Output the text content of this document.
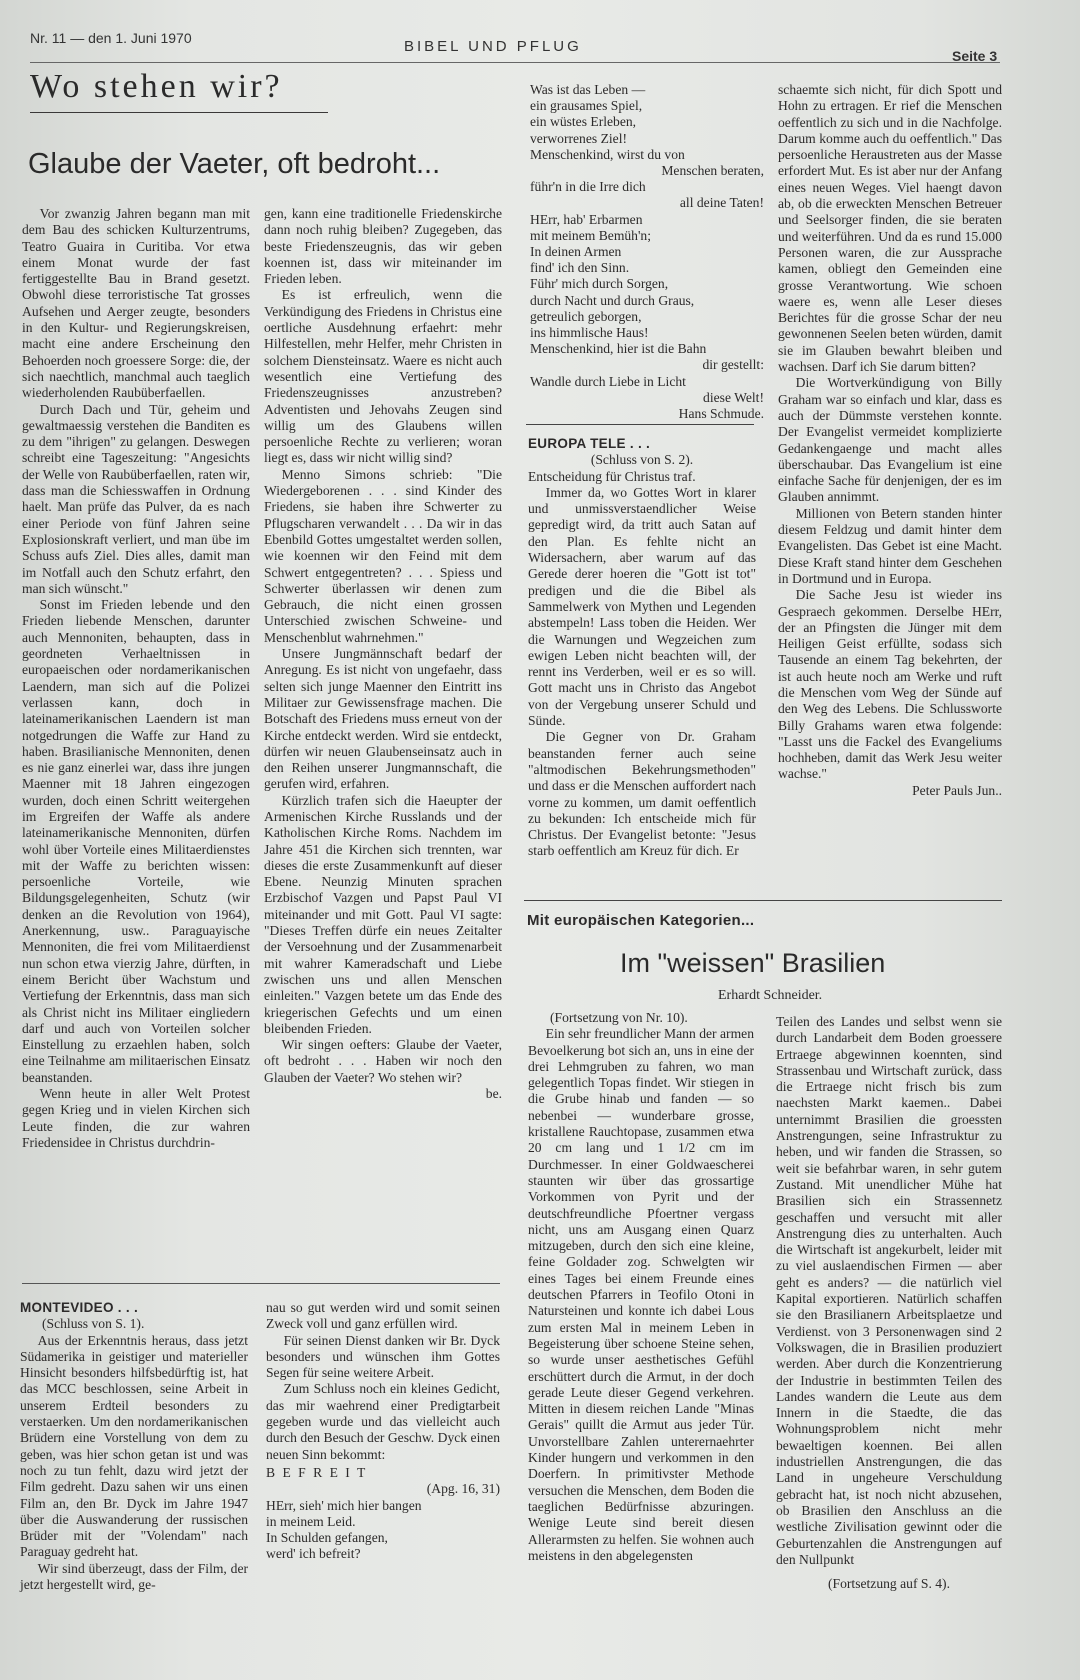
Nr. 11 — den 1. Juni 1970	BIBEL UND PFLUG
Seite 3
Wo stehen wir?
Glaube der Vaeter, oft bedroht...

Vor zwanzig Jahren begann man mit dem Bau des schicken Kulturzentrums, Teatro Guaira in Curitiba. Vor etwa einem Monat wurde der fast fertiggestellte Bau in Brand gesetzt. Obwohl diese terroristische Tat grosses Aufsehen und Aerger zeugte, besonders in den Kultur- und Regierungskreisen, macht eine andere Erscheinung den Behoerden noch groessere Sorge: die, der sich naechtlich, manchmal auch taeglich wiederholenden Raubüberfaellen.

Durch Dach und Tür, geheim und gewaltmaessig verstehen die Banditen es zu dem "ihrigen" zu gelangen. Deswegen schreibt eine Tageszeitung: "Angesichts der Welle von Raubüberfaellen, raten wir, dass man die Schiesswaffen in Ordnung haelt. Man prüfe das Pulver, da es nach einer Periode von fünf Jahren seine Explosionskraft verliert, und man übe im Schuss aufs Ziel. Dies alles, damit man im Notfall auch den Schutz erfahrt, den man sich wünscht."

Sonst im Frieden lebende und den Frieden liebende Menschen, darunter auch Mennoniten, behaupten, dass in geordneten Verhaeltnissen in europaeischen oder nordamerikanischen Laendern, man sich auf die Polizei verlassen kann, doch in lateinamerikanischen Laendern ist man notgedrungen die Waffe zur Hand zu haben. Brasilianische Mennoniten, denen es nie ganz einerlei war, dass ihre jungen Maenner mit 18 Jahren eingezogen wurden, doch einen Schritt weitergehen im Ergreifen der Waffe als andere lateinamerikanische Mennoniten, dürfen wohl über Vorteile eines Militaerdienstes mit der Waffe zu berichten wissen: persoenliche Vorteile, wie Bildungsgelegenheiten, Schutz (wir denken an die Revolution von 1964), Anerkennung, usw.. Paraguayische Mennoniten, die frei vom Militaerdienst nun schon etwa vierzig Jahre, dürften, in einem Bericht über Wachstum und Vertiefung der Erkenntnis, dass man sich als Christ nicht ins Militaer eingliedern darf und auch von Vorteilen solcher Einstellung zu erzaehlen haben, solch eine Teilnahme am militaerischen Einsatz beanstanden.

Wenn heute in aller Welt Protest gegen Krieg und in vielen Kirchen sich Leute finden, die zur wahren Friedensidee in Christus durchdrin-

gen, kann eine traditionelle Friedenskirche dann noch ruhig bleiben? Zugegeben, das beste Friedenszeugnis, das wir geben koennen ist, dass wir miteinander im Frieden leben.

Es ist erfreulich, wenn die Verkündigung des Friedens in Christus eine oertliche Ausdehnung erfaehrt: mehr Hilfestellen, mehr Helfer, mehr Christen in solchem Diensteinsatz. Waere es nicht auch wesentlich eine Vertiefung des Friedenszeugnisses anzustreben? Adventisten und Jehovahs Zeugen sind willig um des Glaubens willen persoenliche Rechte zu verlieren; woran liegt es, dass wir nicht willig sind?

Menno Simons schrieb: "Die Wiedergeborenen . . . sind Kinder des Friedens, sie haben ihre Schwerter zu Pflugscharen verwandelt . . . Da wir in das Ebenbild Gottes umgestaltet werden sollen, wie koennen wir den Feind mit dem Schwert entgegentreten? . . . Spiess und Schwerter überlassen wir denen zum Gebrauch, die nicht einen grossen Unterschied zwischen Schweine- und Menschenblut wahrnehmen."

Unsere Jungmännschaft bedarf der Anregung. Es ist nicht von ungefaehr, dass selten sich junge Maenner den Eintritt ins Militaer zur Gewissensfrage machen. Die Botschaft des Friedens muss erneut von der Kirche entdeckt werden. Wird sie entdeckt, dürfen wir neuen Glaubenseinsatz auch in den Reihen unserer Jungmannschaft, die gerufen wird, erfahren.

Kürzlich trafen sich die Haeupter der Armenischen Kirche Russlands und der Katholischen Kirche Roms. Nachdem im Jahre 451 die Kirchen sich trennten, war dieses die erste Zusammenkunft auf dieser Ebene. Neunzig Minuten sprachen Erzbischof Vazgen und Papst Paul VI miteinander und mit Gott. Paul VI sagte: "Dieses Treffen dürfe ein neues Zeitalter der Versoehnung und der Zusammenarbeit mit wahrer Kameradschaft und Liebe zwischen uns und allen Menschen einleiten." Vazgen betete um das Ende des kriegerischen Gefechts und um einen bleibenden Frieden.

Wir singen oefters: Glaube der Vaeter, oft bedroht . . . Haben wir noch den Glauben der Vaeter? Wo stehen wir?

be.

Was ist das Leben —
ein grausames Spiel,
ein wüstes Erleben,
verworrenes Ziel!
Menschenkind, wirst du von
Menschen beraten,
führ'n in die Irre dich
all deine Taten!
HErr, hab' Erbarmen
mit meinem Bemüh'n;
In deinen Armen
find' ich den Sinn.
Führ' mich durch Sorgen,
durch Nacht und durch Graus,
getreulich geborgen,
ins himmlische Haus!
Menschenkind, hier ist die Bahn
dir gestellt:
Wandle durch Liebe in Licht
diese Welt!
Hans Schmude.

EUROPA TELE . . .

(Schluss von S. 2).

Entscheidung für Christus traf.

Immer da, wo Gottes Wort in klarer und unmissverstaendlicher Weise gepredigt wird, da tritt auch Satan auf den Plan. Es fehlte nicht an Widersachern, aber warum auf das Gerede derer hoeren die "Gott ist tot" predigen und die die Bibel als Sammelwerk von Mythen und Legenden abstempeln! Lass toben die Heiden. Wer die Warnungen und Wegzeichen zum ewigen Leben nicht beachten will, der rennt ins Verderben, weil er es so will. Gott macht uns in Christo das Angebot von der Vergebung unserer Schuld und Sünde.

Die Gegner von Dr. Graham beanstanden ferner auch seine "altmodischen Bekehrungsmethoden" und dass er die Menschen auffordert nach vorne zu kommen, um damit oeffentlich zu bekunden: Ich entscheide mich für Christus. Der Evangelist betonte: "Jesus starb oeffentlich am Kreuz für dich. Er

schaemte sich nicht, für dich Spott und Hohn zu ertragen. Er rief die Menschen oeffentlich zu sich und in die Nachfolge. Darum komme auch du oeffentlich." Das persoenliche Heraustreten aus der Masse erfordert Mut. Es ist aber nur der Anfang eines neuen Weges. Viel haengt davon ab, ob die erweckten Menschen Betreuer und Seelsorger finden, die sie beraten und weiterführen. Und da es rund 15.000 Personen waren, die zur Aussprache kamen, obliegt den Gemeinden eine grosse Verantwortung. Wie schoen waere es, wenn alle Leser dieses Berichtes für die grosse Schar der neu gewonnenen Seelen beten würden, damit sie im Glauben bewahrt bleiben und wachsen. Darf ich Sie darum bitten?

Die Wortverkündigung von Billy Graham war so einfach und klar, dass es auch der Dümmste verstehen konnte. Der Evangelist vermeidet komplizierte Gedankengaenge und macht alles überschaubar. Das Evangelium ist eine einfache Sache für denjenigen, der es im Glauben annimmt.

Millionen von Betern standen hinter diesem Feldzug und damit hinter dem Evangelisten. Das Gebet ist eine Macht. Diese Kraft stand hinter dem Geschehen in Dortmund und in Europa.

Die Sache Jesu ist wieder ins Gespraech gekommen. Derselbe HErr, der an Pfingsten die Jünger mit dem Heiligen Geist erfüllte, sodass sich Tausende an einem Tag bekehrten, der ist auch heute noch am Werke und ruft die Menschen vom Weg der Sünde auf den Weg des Lebens. Die Schlussworte Billy Grahams waren etwa folgende: "Lasst uns die Fackel des Evangeliums hochheben, damit das Werk Jesu weiter wachse."

Peter Pauls Jun..

Mit europäischen Kategorien...
Im "weissen" Brasilien
Erhardt Schneider.

(Fortsetzung von Nr. 10).

Ein sehr freundlicher Mann der armen Bevoelkerung bot sich an, uns in eine der drei Lehmgruben zu fahren, wo man gelegentlich Topas findet. Wir stiegen in die Grube hinab und fanden — so nebenbei — wunderbare grosse, kristallene Rauchtopase, zusammen etwa 20 cm lang und 1 1/2 cm im Durchmesser. In einer Goldwaescherei staunten wir über das grossartige Vorkommen von Pyrit und der deutschfreundliche Pfoertner vergass nicht, uns am Ausgang einen Quarz mitzugeben, durch den sich eine kleine, feine Goldader zog. Schwelgten wir eines Tages bei einem Freunde eines deutschen Pfarrers in Teofilo Otoni in Natursteinen und konnte ich dabei Lous zum ersten Mal in meinem Leben in Begeisterung über schoene Steine sehen, so wurde unser aesthetisches Gefühl erschüttert durch die Armut, in der doch gerade Leute dieser Gegend verkehren. Mitten in diesem reichen Lande "Minas Gerais" quillt die Armut aus jeder Tür. Unvorstellbare Zahlen unterernaehrter Kinder hungern und verkommen in den Doerfern. In primitivster Methode versuchen die Menschen, dem Boden die taeglichen Bedürfnisse abzuringen. Wenige Leute sind bereit diesen Allerarmsten zu helfen. Sie wohnen auch meistens in den abgelegensten

Teilen des Landes und selbst wenn sie durch Landarbeit dem Boden groessere Ertraege abgewinnen koennten, sind Strassenbau und Wirtschaft zurück, dass die Ertraege nicht frisch bis zum naechsten Markt kaemen.. Dabei unternimmt Brasilien die groessten Anstrengungen, seine Infrastruktur zu heben, und wir fanden die Strassen, so weit sie befahrbar waren, in sehr gutem Zustand. Mit unendlicher Mühe hat Brasilien sich ein Strassennetz geschaffen und versucht mit aller Anstrengung dies zu unterhalten. Auch die Wirtschaft ist angekurbelt, leider mit zu viel auslaendischen Firmen — aber geht es anders? — die natürlich viel Kapital exportieren. Natürlich schaffen sie den Brasilianern Arbeitsplaetze und Verdienst. von 3 Personenwagen sind 2 Volkswagen, die in Brasilien produziert werden. Aber durch die Konzentrierung der Industrie in bestimmten Teilen des Landes wandern die Leute aus dem Innern in die Staedte, die das Wohnungsproblem nicht mehr bewaeltigen koennen. Bei allen industriellen Anstrengungen, die das Land in ungeheure Verschuldung gebracht hat, ist noch nicht abzusehen, ob Brasilien den Anschluss an die westliche Zivilisation gewinnt oder die Geburtenzahlen die Anstrengungen auf den Nullpunkt

(Fortsetzung auf S. 4).

MONTEVIDEO . . .

(Schluss von S. 1).

Aus der Erkenntnis heraus, dass jetzt Südamerika in geistiger und materieller Hinsicht besonders hilfsbedürftig ist, hat das MCC beschlossen, seine Arbeit in unserem Erdteil besonders zu verstaerken. Um den nordamerikanischen Brüdern eine Vorstellung von dem zu geben, was hier schon getan ist und was noch zu tun fehlt, dazu wird jetzt der Film gedreht. Dazu sahen wir uns einen Film an, den Br. Dyck im Jahre 1947 über die Auswanderung der russischen Brüder mit der "Volendam" nach Paraguay gedreht hat.

Wir sind überzeugt, dass der Film, der jetzt hergestellt wird, ge-

nau so gut werden wird und somit seinen Zweck voll und ganz erfüllen wird.

Für seinen Dienst danken wir Br. Dyck besonders und wünschen ihm Gottes Segen für seine weitere Arbeit.

Zum Schluss noch ein kleines Gedicht, das mir waehrend einer Predigtarbeit gegeben wurde und das vielleicht auch durch den Besuch der Geschw. Dyck einen neuen Sinn bekommt:

B E F R E I T

(Apg. 16, 31)

HErr, sieh' mich hier bangen

in meinem Leid.

In Schulden gefangen,

werd' ich befreit?
